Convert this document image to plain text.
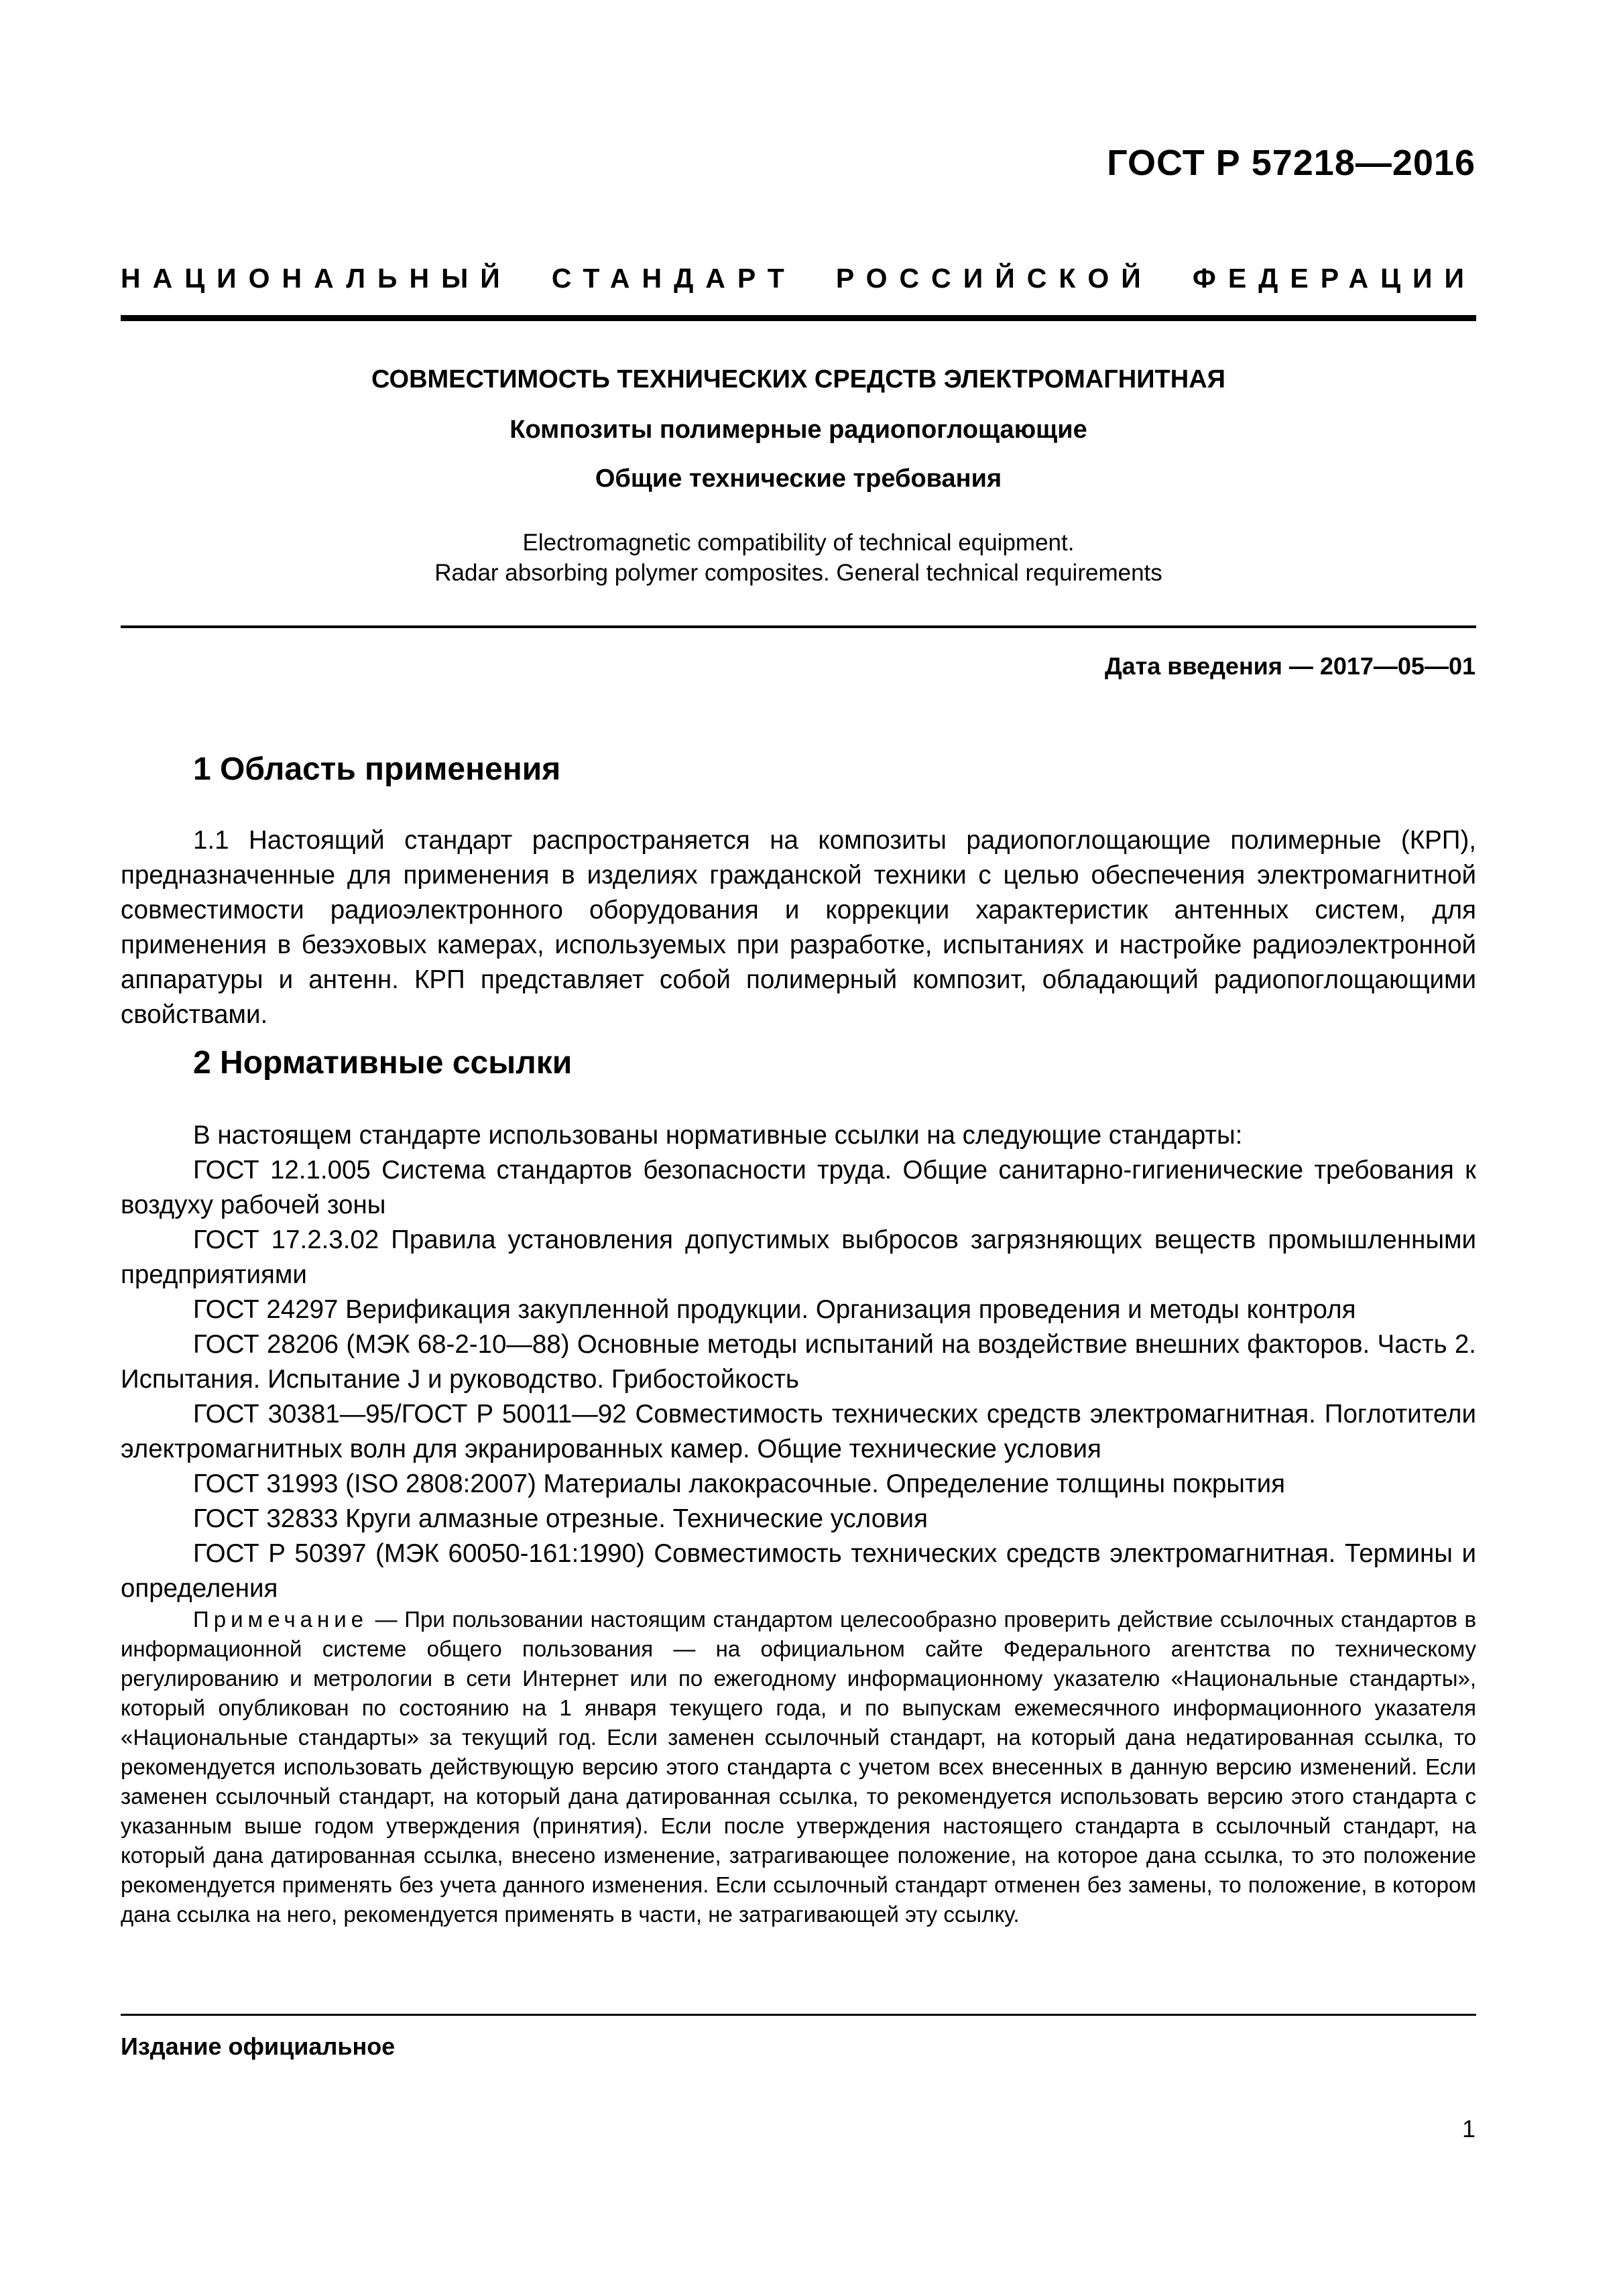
ГОСТ Р 57218—2016
НАЦИОНАЛЬНЫЙ СТАНДАРТ РОССИЙСКОЙ ФЕДЕРАЦИИ
СОВМЕСТИМОСТЬ ТЕХНИЧЕСКИХ СРЕДСТВ ЭЛЕКТРОМАГНИТНАЯ
Композиты полимерные радиопоглощающие
Общие технические требования
Electromagnetic compatibility of technical equipment.
Radar absorbing polymer composites. General technical requirements
Дата введения — 2017—05—01
1 Область применения
1.1 Настоящий стандарт распространяется на композиты радиопоглощающие полимерные (КРП), предназначенные для применения в изделиях гражданской техники с целью обеспечения электромагнитной совместимости радиоэлектронного оборудования и коррекции характеристик антенных систем, для применения в безэховых камерах, используемых при разработке, испытаниях и настройке радиоэлектронной аппаратуры и антенн. КРП представляет собой полимерный композит, обладающий радиопоглощающими свойствами.
2 Нормативные ссылки

В настоящем стандарте использованы нормативные ссылки на следующие стандарты:

ГОСТ 12.1.005 Система стандартов безопасности труда. Общие санитарно-гигиенические требования к воздуху рабочей зоны

ГОСТ 17.2.3.02 Правила установления допустимых выбросов загрязняющих веществ промышленными предприятиями

ГОСТ 24297 Верификация закупленной продукции. Организация проведения и методы контроля

ГОСТ 28206 (МЭК 68-2-10—88) Основные методы испытаний на воздействие внешних факторов. Часть 2. Испытания. Испытание J и руководство. Грибостойкость

ГОСТ 30381—95/ГОСТ Р 50011—92 Совместимость технических средств электромагнитная. Поглотители электромагнитных волн для экранированных камер. Общие технические условия

ГОСТ 31993 (ISO 2808:2007) Материалы лакокрасочные. Определение толщины покрытия

ГОСТ 32833 Круги алмазные отрезные. Технические условия

ГОСТ Р 50397 (МЭК 60050-161:1990) Совместимость технических средств электромагнитная. Термины и определения

Примечание — При пользовании настоящим стандартом целесообразно проверить действие ссылочных стандартов в информационной системе общего пользования — на официальном сайте Федерального агентства по техническому регулированию и метрологии в сети Интернет или по ежегодному информационному указателю «Национальные стандарты», который опубликован по состоянию на 1 января текущего года, и по выпускам ежемесячного информационного указателя «Национальные стандарты» за текущий год. Если заменен ссылочный стандарт, на который дана недатированная ссылка, то рекомендуется использовать действующую версию этого стандарта с учетом всех внесенных в данную версию изменений. Если заменен ссылочный стандарт, на который дана датированная ссылка, то рекомендуется использовать версию этого стандарта с указанным выше годом утверждения (принятия). Если после утверждения настоящего стандарта в ссылочный стандарт, на который дана датированная ссылка, внесено изменение, затрагивающее положение, на которое дана ссылка, то это положение рекомендуется применять без учета данного изменения. Если ссылочный стандарт отменен без замены, то положение, в котором дана ссылка на него, рекомендуется применять в части, не затрагивающей эту ссылку.
Издание официальное
1
